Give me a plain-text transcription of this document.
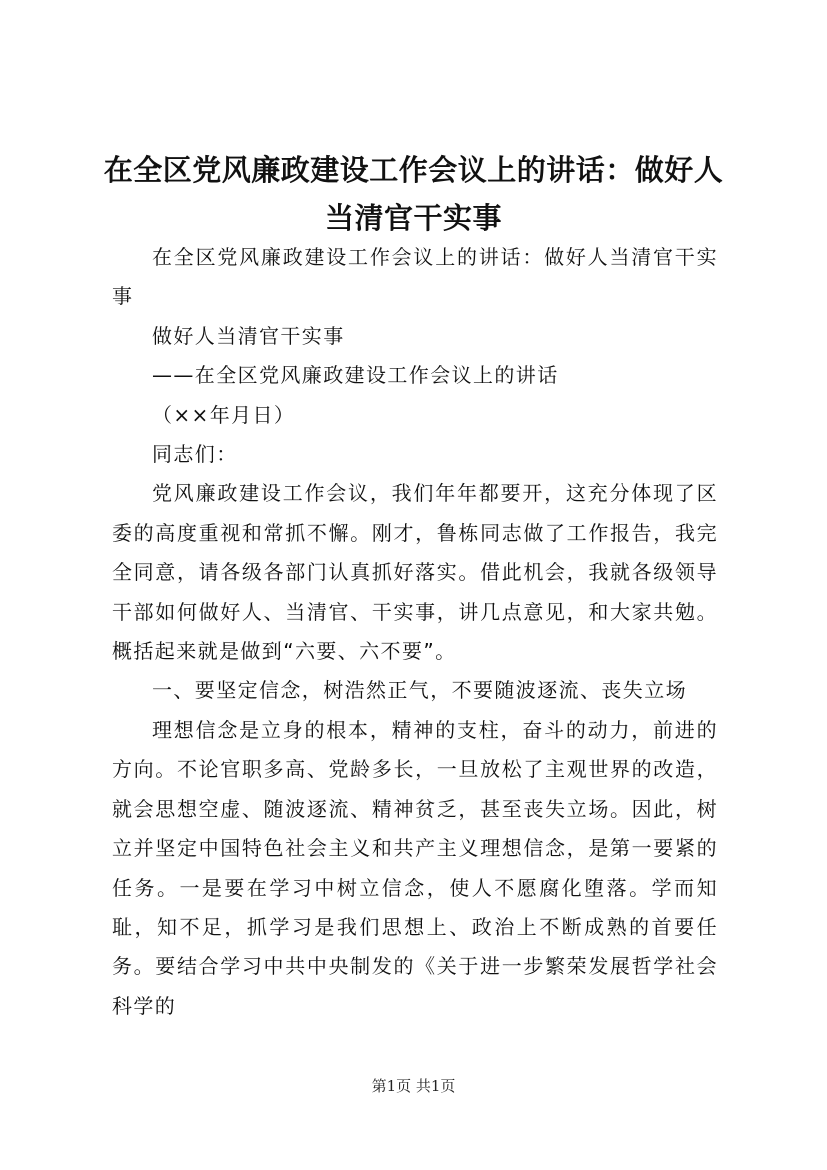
在全区党风廉政建设工作会议上的讲话：做好人当清官干实事

在全区党风廉政建设工作会议上的讲话：做好人当清官干实事

做好人当清官干实事

——在全区党风廉政建设工作会议上的讲话

（××年月日）

同志们：

党风廉政建设工作会议，我们年年都要开，这充分体现了区委的高度重视和常抓不懈。刚才，鲁栋同志做了工作报告，我完全同意，请各级各部门认真抓好落实。借此机会，我就各级领导干部如何做好人、当清官、干实事，讲几点意见，和大家共勉。概括起来就是做到“六要、六不要”。

一、要坚定信念，树浩然正气，不要随波逐流、丧失立场

理想信念是立身的根本，精神的支柱，奋斗的动力，前进的方向。不论官职多高、党龄多长，一旦放松了主观世界的改造，就会思想空虚、随波逐流、精神贫乏，甚至丧失立场。因此，树立并坚定中国特色社会主义和共产主义理想信念，是第一要紧的任务。一是要在学习中树立信念，使人不愿腐化堕落。学而知耻，知不足，抓学习是我们思想上、政治上不断成熟的首要任务。要结合学习中共中央制发的《关于进一步繁荣发展哲学社会科学的

第1页 共1页
